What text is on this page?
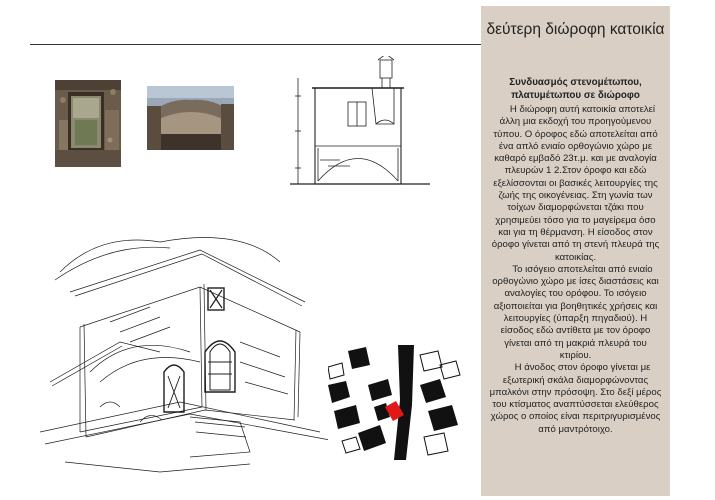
δεύτερη διώροφη κατοικία
Συνδυασμός στενομέτωπου, πλατυμέτωπου σε διώροφο

Η διώροφη αυτή κατοικία αποτελεί άλλη μια εκδοχή του προηγούμενου τύπου. Ο όροφος εδώ αποτελείται από ένα απλό ενιαίο ορθογώνιο χώρο με καθαρό εμβαδό 23τ.μ. και με αναλογία πλευρών 1 2.Στον όροφο και εδώ εξελίσσονται οι βασικές λειτουργίες της ζωής της οικογένειας. Στη γωνία των τοίχων διαμορφώνεται τζάκι που χρησιμεύει τόσο για το μαγείρεμα όσο και για τη θέρμανση. Η είσοδος στον όροφο γίνεται από τη στενή πλευρά της κατοικίας.

Το ισόγειο αποτελείται από ενιαίο ορθογώνιο χώρο με ίσες διαστάσεις και αναλογίες του ορόφου. Το ισόγειο αξιοποιείται για βοηθητικές χρήσεις και λειτουργίες (ύπαρξη πηγαδιού). Η είσοδος εδώ αντίθετα με τον όροφο γίνεται από τη μακριά πλευρά του κτιρίου.

Η άνοδος στον όροφο γίνεται με εξωτερική σκάλα διαμορφώνοντας μπαλκόνι στην πρόσοψη. Στο δεξί μέρος του κτίσματος αναπτύσσεται ελεύθερος χώρος ο οποίος είναι περιτριγυρισμένος από μαντρότοιχο.
